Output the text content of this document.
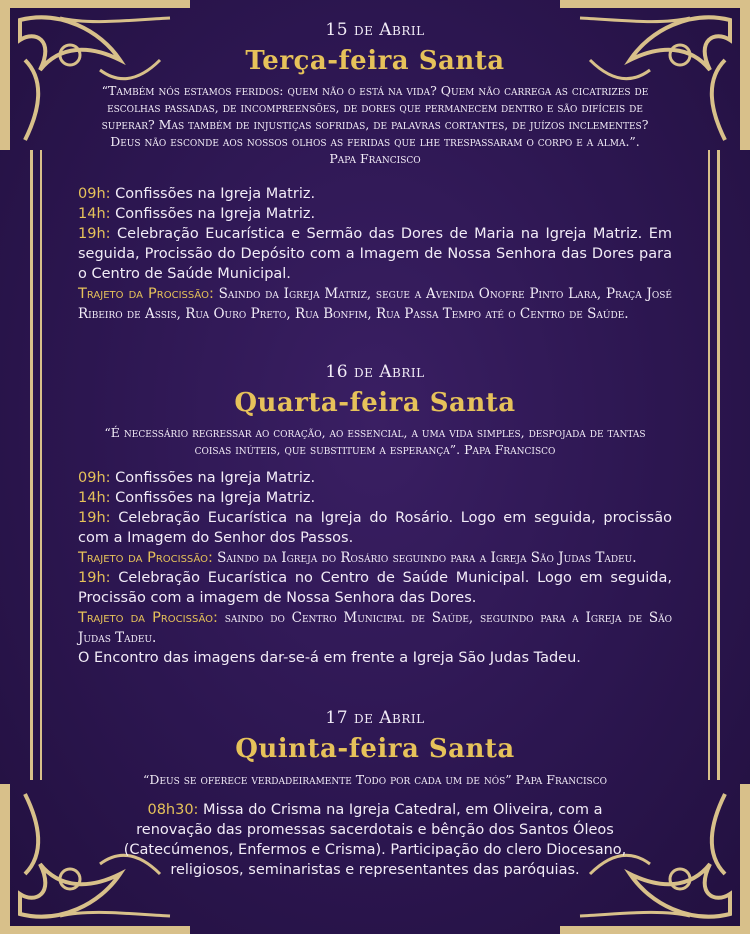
15 de Abril
Terça-feira Santa
“Também nós estamos feridos: quem não o está na vida? Quem não carrega as cicatrizes de escolhas passadas, de incompreensões, de dores que permanecem dentro e são difíceis de superar? Mas também de injustiças sofridas, de palavras cortantes, de juízos inclementes? Deus não esconde aos nossos olhos as feridas que lhe trespassaram o corpo e a alma.”. Papa Francisco
09h: Confissões na Igreja Matriz.
14h: Confissões na Igreja Matriz.
19h: Celebração Eucarística e Sermão das Dores de Maria na Igreja Matriz. Em seguida, Procissão do Depósito com a Imagem de Nossa Senhora das Dores para o Centro de Saúde Municipal.
Trajeto da Procissão: Saindo da Igreja Matriz, segue a Avenida Onofre Pinto Lara, Praça José Ribeiro de Assis, Rua Ouro Preto, Rua Bonfim, Rua Passa Tempo até o Centro de Saúde.
16 de Abril
Quarta-feira Santa
“É necessário regressar ao coração, ao essencial, a uma vida simples, despojada de tantas coisas inúteis, que substituem a esperança”. Papa Francisco
09h: Confissões na Igreja Matriz.
14h: Confissões na Igreja Matriz.
19h: Celebração Eucarística na Igreja do Rosário. Logo em seguida, procissão com a Imagem do Senhor dos Passos.
Trajeto da Procissão: Saindo da Igreja do Rosário seguindo para a Igreja São Judas Tadeu.
19h: Celebração Eucarística no Centro de Saúde Municipal. Logo em seguida, Procissão com a imagem de Nossa Senhora das Dores.
Trajeto da Procissão: saindo do Centro Municipal de Saúde, seguindo para a Igreja de São Judas Tadeu.
O Encontro das imagens dar-se-á em frente a Igreja São Judas Tadeu.
17 de Abril
Quinta-feira Santa
“Deus se oferece verdadeiramente Todo por cada um de nós” Papa Francisco
08h30: Missa do Crisma na Igreja Catedral, em Oliveira, com a renovação das promessas sacerdotais e bênção dos Santos Óleos (Catecúmenos, Enfermos e Crisma). Participação do clero Diocesano, religiosos, seminaristas e representantes das paróquias.
